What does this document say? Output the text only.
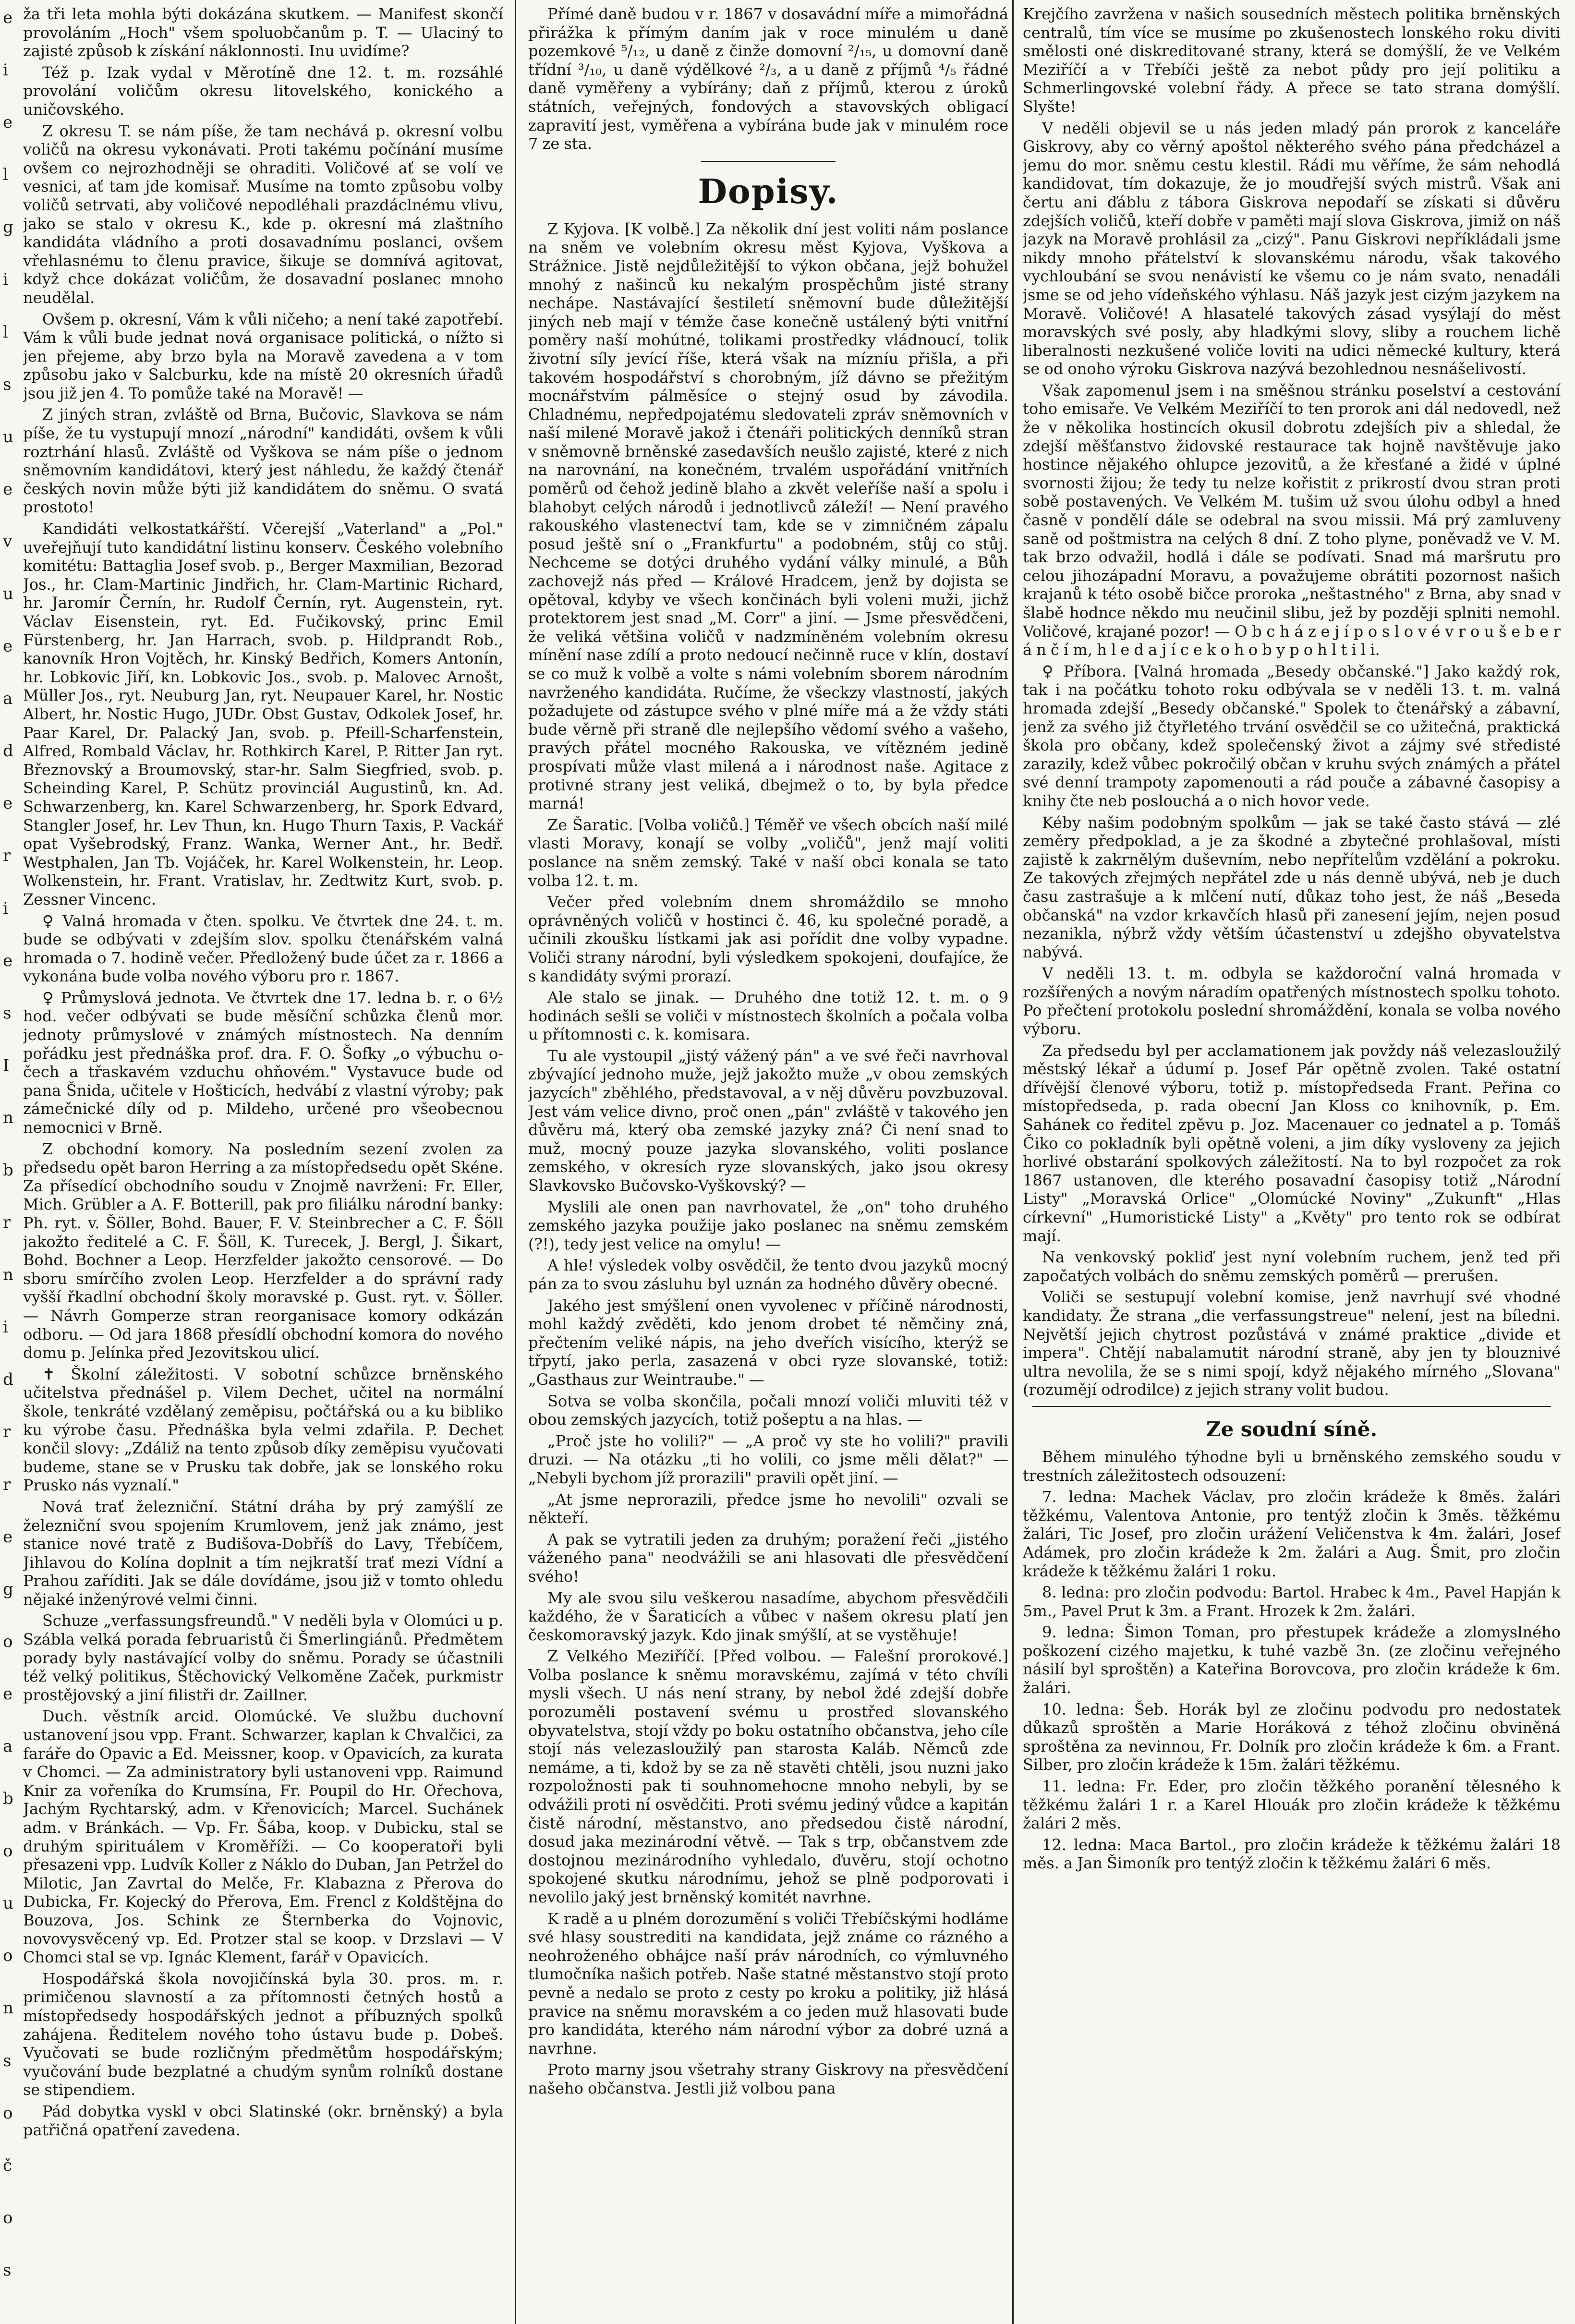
e
i
e
l
g
i
l
s
u
e
v
u
e
a
d
e
r
i
e
s
I
n
b
r
n
i
d
r
r
e
g
o
e
a
b
o
u
o
n
s
o
č
o
s

ža tři leta mohla býti dokázána skutkem. — Manifest skončí provoláním „Hoch" všem spoluobčanům p. T. — Ulaciný to zajisté způsob k získání náklonnosti. Inu uvidíme?

Též p. Izak vydal v Měrotíně dne 12. t. m. rozsáhlé provolání voličům okresu litovelského, konického a uničovského.

Z okresu T. se nám píše, že tam nechává p. okresní volbu voličů na okresu vykonávati. Proti takému počínání musíme ovšem co nejrozhodněji se ohraditi. Voličové ať se volí ve vesnici, ať tam jde komisař. Musíme na tomto způsobu volby voličů setrvati, aby voličové nepodléhali prazdáclnému vlivu, jako se stalo v okresu K., kde p. okresní má zlaštního kandidáta vládního a proti dosavadnímu poslanci, ovšem vřehlasnému to členu pravice, šikuje se domnívá agitovat, když chce dokázat voličům, že dosavadní poslanec mnoho neudělal.

Ovšem p. okresní, Vám k vůli ničeho; a není také zapotřebí. Vám k vůli bude jednat nová organisace politická, o nížto si jen přejeme, aby brzo byla na Moravě zavedena a v tom způsobu jako v Salcburku, kde na místě 20 okresních úřadů jsou již jen 4. To pomůže také na Moravě! —

Z jiných stran, zvláště od Brna, Bučovic, Slavkova se nám píše, že tu vystupují mnozí „národní" kandidáti, ovšem k vůli roztrhání hlasů. Zvláště od Vyškova se nám píše o jednom sněmovním kandidátovi, který jest náhledu, že každý čtenář českých novin může býti již kandidátem do sněmu. O svatá prostoto!

Kandidáti velkostatkářští. Včerejší „Vaterland" a „Pol." uveřejňují tuto kandidátní listinu konserv. Českého volebního komitétu: Battaglia Josef svob. p., Berger Maxmilian, Bezorad Jos., hr. Clam-Martinic Jindřich, hr. Clam-Martinic Richard, hr. Jaromír Černín, hr. Rudolf Černín, ryt. Augenstein, ryt. Václav Eisenstein, ryt. Ed. Fučikovský, princ Emil Fürstenberg, hr. Jan Harrach, svob. p. Hildprandt Rob., kanovník Hron Vojtěch, hr. Kinský Bedřich, Komers Antonín, hr. Lobkovic Jiří, kn. Lobkovic Jos., svob. p. Malovec Arnošt, Müller Jos., ryt. Neuburg Jan, ryt. Neupauer Karel, hr. Nostic Albert, hr. Nostic Hugo, JUDr. Obst Gustav, Odkolek Josef, hr. Paar Karel, Dr. Palacký Jan, svob. p. Pfeill-Scharfenstein, Alfred, Rombald Václav, hr. Rothkirch Karel, P. Ritter Jan ryt. Březnovský a Broumovský, star-hr. Salm Siegfried, svob. p. Scheinding Karel, P. Schütz provinciál Augustinů, kn. Ad. Schwarzenberg, kn. Karel Schwarzenberg, hr. Spork Edvard, Stangler Josef, hr. Lev Thun, kn. Hugo Thurn Taxis, P. Vackář opat Vyšebrodský, Franz. Wanka, Werner Ant., hr. Bedř. Westphalen, Jan Tb. Vojáček, hr. Karel Wolkenstein, hr. Leop. Wolkenstein, hr. Frant. Vratislav, hr. Zedtwitz Kurt, svob. p. Zessner Vincenc.

♀ Valná hromada v čten. spolku. Ve čtvrtek dne 24. t. m. bude se odbývati v zdejším slov. spolku čtenářském valná hromada o 7. hodině večer. Předložený bude účet za r. 1866 a vykonána bude volba nového výboru pro r. 1867.

♀ Průmyslová jednota. Ve čtvrtek dne 17. ledna b. r. o 6½ hod. večer odbývati se bude měsíční schůzka členů mor. jednoty průmyslové v známých místnostech. Na denním pořádku jest přednáška prof. dra. F. O. Šofky „o výbuchu o-čech a třaskavém vzduchu ohňovém." Vystavuce bude od pana Šnida, učitele v Hošticích, hedvábí z vlastní výroby; pak zámečnické díly od p. Mildeho, určené pro všeobecnou nemocnici v Brně.

Z obchodní komory. Na posledním sezení zvolen za předsedu opět baron Herring a za místopředsedu opět Skéne. Za přísedící obchodního soudu v Znojmě navrženi: Fr. Eller, Mich. Grübler a A. F. Botterill, pak pro filiálku národní banky: Ph. ryt. v. Šöller, Bohd. Bauer, F. V. Steinbrecher a C. F. Šöll jakožto ředitelé a C. F. Šöll, K. Turecek, J. Bergl, J. Šikart, Bohd. Bochner a Leop. Herzfelder jakožto censorové. — Do sboru smírčího zvolen Leop. Herzfelder a do správní rady vyšší řkadlní obchodní školy moravské p. Gust. ryt. v. Šöller. — Návrh Gomperze stran reorganisace komory odkázán odboru. — Od jara 1868 přesídlí obchodní komora do nového domu p. Jelínka před Jezovitskou ulicí.

✝ Školní záležitosti. V sobotní schůzce brněnského učitelstva přednášel p. Vilem Dechet, učitel na normální škole, tenkráté vzdělaný zeměpisu, počtářská ou a ku bibliko ku výrobe času. Přednáška byla velmi zdařila. P. Dechet končil slovy: „Zdáliž na tento způsob díky zeměpisu vyučovati budeme, stane se v Prusku tak dobře, jak se lonského roku Prusko nás vyznalí."

Nová trať železniční. Státní dráha by prý zamýšlí ze železniční svou spojením Krumlovem, jenž jak známo, jest stanice nové tratě z Budišova-Dobříš do Lavy, Třebíčem, Jihlavou do Kolína doplnit a tím nejkratší trať mezi Vídní a Prahou zaříditi. Jak se dále dovídáme, jsou již v tomto ohledu nějaké inženýrové velmi činni.

Schuze „verfassungsfreundů." V neděli byla v Olomúci u p. Szábla velká porada februaristů či Šmerlingiánů. Předmětem porady byly nastávající volby do sněmu. Porady se účastnili též velký politikus, Štěchovický Velkoměne Začek, purkmistr prostějovský a jiní filistři dr. Zaillner.

Duch. věstník arcid. Olomúcké. Ve službu duchovní ustanovení jsou vpp. Frant. Schwarzer, kaplan k Chvalčici, za faráře do Opavic a Ed. Meissner, koop. v Opavicích, za kurata v Chomci. — Za administratory byli ustanoveni vpp. Raimund Knir za vořeníka do Krumsína, Fr. Poupil do Hr. Ořechova, Jachým Rychtarský, adm. v Křenovicích; Marcel. Suchánek adm. v Bránkách. — Vp. Fr. Šába, koop. v Dubicku, stal se druhým spirituálem v Kroměříži. — Co kooperatoři byli přesazeni vpp. Ludvík Koller z Náklo do Duban, Jan Petržel do Milotic, Jan Zavrtal do Melče, Fr. Klabazna z Přerova do Dubicka, Fr. Kojecký do Přerova, Em. Frencl z Koldštějna do Bouzova, Jos. Schink ze Šternberka do Vojnovic, novovysvěcený vp. Ed. Protzer stal se koop. v Drzslavi — V Chomci stal se vp. Ignác Klement, farář v Opavicích.

Hospodářská škola novojičínská byla 30. pros. m. r. primičenou slavností a za přítomnosti četných hostů a místopředsedy hospodářských jednot a příbuzných spolků zahájena. Ředitelem nového toho ústavu bude p. Dobeš. Vyučovati se bude rozličným předmětům hospodářským; vyučování bude bezplatné a chudým synům rolníků dostane se stipendiem.

Pád dobytka vyskl v obci Slatinské (okr. brněnský) a byla patřičná opatření zavedena.

Přímé daně budou v r. 1867 v dosavádní míře a mimořádná přirážka k přímým daním jak v roce minulém u daně pozemkové ⁵/₁₂, u daně z činže domovní ²/₁₅, u domovní daně třídní ³/₁₀, u daně výdělkové ²/₃, a u daně z příjmů ⁴/₅ řádné daně vyměřeny a vybírány; daň z příjmů, kterou z úroků státních, veřejných, fondových a stavovských obligací zapravití jest, vyměřena a vybírána bude jak v minulém roce 7 ze sta.

Dopisy.

Z Kyjova. [K volbě.] Za několik dní jest voliti nám poslance na sněm ve volebním okresu měst Kyjova, Vyškova a Strážnice. Jistě nejdůležitější to výkon občana, jejž bohužel mnohý z našinců ku nekalým prospěchům jisté strany nechápe. Nastávající šestiletí sněmovní bude důležitější jiných neb mají v témže čase konečně ustálený býti vnitřní poměry naší mohútné, tolikami prostředky vládnoucí, tolik životní síly jevící říše, která však na mízníu přišla, a při takovém hospodářství s chorobným, jíž dávno se přežitým mocnářstvím pálměsíce o stejný osud by závodila. Chladnému, nepředpojatému sledovateli zpráv sněmovních v naší milené Moravě jakož i čtenáři politických denníků stran v sněmovně brněnské zasedavších neušlo zajisté, které z nich na narovnání, na konečném, trvalém uspořádání vnitřních poměrů od čehož jedině blaho a zkvět veleříše naší a spolu i blahobyt celých národů i jednotlivců záleží! — Není pravého rakouského vlastenectví tam, kde se v zimničném zápalu posud ještě sní o „Frankfurtu" a podobném, stůj co stůj. Nechceme se dotýci druhého vydání války minulé, a Bůh zachovejž nás před — Králové Hradcem, jenž by dojista se opětoval, kdyby ve všech končinách byli voleni muži, jichž protektorem jest snad „M. Corr" a jiní. — Jsme přesvědčeni, že veliká většina voličů v nadzmíněném volebním okresu mínění nase zdílí a proto nedoucí nečinně ruce v klín, dostaví se co muž k volbě a volte s námi volebním sborem národním navrženého kandidáta. Ručíme, že všeckzy vlastností, jakých požadujete od zástupce svého v plné míře má a že vždy státi bude věrně při straně dle nejlepšího vědomí svého a vašeho, pravých přátel mocného Rakouska, ve vítězném jedině prospívati může vlast milená a i národnost naše. Agitace z protivné strany jest veliká, dbejmež o to, by byla předce marná!

Ze Šaratic. [Volba voličů.] Téměř ve všech obcích naší milé vlasti Moravy, konají se volby „voličů", jenž mají voliti poslance na sněm zemský. Také v naší obci konala se tato volba 12. t. m.

Večer před volebním dnem shromáždilo se mnoho oprávněných voličů v hostinci č. 46, ku společné poradě, a učinili zkoušku lístkami jak asi pořídit dne volby vypadne. Voliči strany národní, byli výsledkem spokojeni, doufajíce, že s kandidáty svými prorazí.

Ale stalo se jinak. — Druhého dne totiž 12. t. m. o 9 hodinách sešli se voliči v místnostech školních a počala volba u přítomnosti c. k. komisara.

Tu ale vystoupil „jistý vážený pán" a ve své řeči navrhoval zbývající jednoho muže, jejž jakožto muže „v obou zemských jazycích" zběhlého, představoval, a v něj důvěru povzbuzoval. Jest vám velice divno, proč onen „pán" zvláště v takového jen důvěru má, který oba zemské jazyky zná? Či není snad to muž, mocný pouze jazyka slovanského, voliti poslance zemského, v okresích ryze slovanských, jako jsou okresy Slavkovsko Bučovsko-Vyškovský? —

Myslili ale onen pan navrhovatel, že „on" toho druhého zemského jazyka použije jako poslanec na sněmu zemském (?!), tedy jest velice na omylu! —

A hle! výsledek volby osvědčil, že tento dvou jazyků mocný pán za to svou zásluhu byl uznán za hodného důvěry obecné.

Jakého jest smýšlení onen vyvolenec v příčině národnosti, mohl každý zvěděti, kdo jenom drobet té němčiny zná, přečtením veliké nápis, na jeho dveřích visícího, kterýž se třpytí, jako perla, zasazená v obci ryze slovanské, totiž: „Gasthaus zur Weintraube." —

Sotva se volba skončila, počali mnozí voliči mluviti též v obou zemských jazycích, totiž pošeptu a na hlas. —

„Proč jste ho volili?" — „A proč vy ste ho volili?" pravili druzi. — Na otázku „ti ho volili, co jsme měli dělat?" — „Nebyli bychom jíž prorazili" pravili opět jiní. —

„At jsme neprorazili, předce jsme ho nevolili" ozvali se někteří.

A pak se vytratili jeden za druhým; poražení řeči „jistého váženého pana" neodvážili se ani hlasovati dle přesvědčení svého!

My ale svou silu veškerou nasadíme, abychom přesvědčili každého, že v Šaraticích a vůbec v našem okresu platí jen českomoravský jazyk. Kdo jinak smýšlí, at se vystěhuje!

Z Velkého Meziříčí. [Před volbou. — Falešní prorokové.] Volba poslance k sněmu moravskému, zajímá v této chvíli mysli všech. U nás není strany, by nebol ždé zdejší dobře porozuměli postavení svému u prostřed slovanského obyvatelstva, stojí vždy po boku ostatního občanstva, jeho cíle stojí nás velezasloužilý pan starosta Kaláb. Němců zde nemáme, a ti, kdož by se za ně stavěti chtěli, jsou nuzni jako rozpoložnosti pak ti souhnomehocne mnoho nebyli, by se odvážili proti ní osvědčiti. Proti svému jediný vůdce a kapitán čistě národní, městanstvo, ano předsedou čistě národní, dosud jaka mezinárodní větvě. — Tak s trp, občanstvem zde dostojnou mezinárodního vyhledalo, ďuvěru, stojí ochotno spokojené skutku národnímu, jehož se plně podporovati i nevolilo jaký jest brněnský komitét navrhne.

K radě a u plném dorozumění s voliči Třebíčskými hodláme své hlasy soustrediti na kandidata, jejž známe co rázného a neohroženého obhájce naší práv národních, co výmluvného tlumočníka našich potřeb. Naše statné městanstvo stojí proto pevně a nedalo se proto z cesty po kroku a politiky, již hlásá pravice na sněmu moravském a co jeden muž hlasovati bude pro kandidáta, kterého nám národní výbor za dobré uzná a navrhne.

Proto marny jsou všetrahy strany Giskrovy na přesvědčení našeho občanstva. Jestli již volbou pana

Krejčího zavržena v našich sousedních městech politika brněnských centralů, tím více se musíme po zkušenostech lonského roku diviti smělosti oné diskreditované strany, která se domýšlí, že ve Velkém Meziříčí a v Třebíči ještě za nebot půdy pro její politiku a Schmerlingovské volební řády. A přece se tato strana domýšlí. Slyšte!

V neděli objevil se u nás jeden mladý pán prorok z kanceláře Giskrovy, aby co věrný apoštol některého svého pána předcházel a jemu do mor. sněmu cestu klestil. Rádi mu věříme, že sám nehodlá kandidovat, tím dokazuje, že jo moudřejší svých mistrů. Však ani čertu ani ďáblu z tábora Giskrova nepodaří se získati si důvěru zdejších voličů, kteří dobře v paměti mají slova Giskrova, jimiž on náš jazyk na Moravě prohlásil za „cizý". Panu Giskrovi nepříkládali jsme nikdy mnoho přátelství k slovanskému národu, však takového vychloubání se svou nenávistí ke všemu co je nám svato, nenadáli jsme se od jeho vídeňského výhlasu. Náš jazyk jest cizým jazykem na Moravě. Voličové! A hlasatelé takových zásad vysýlají do měst moravských své posly, aby hladkými slovy, sliby a rouchem lichě liberalnosti nezkušené voliče loviti na udici německé kultury, která se od onoho výroku Giskrova nazývá bezohlednou nesnášelivostí.

Však zapomenul jsem i na směšnou stránku poselství a cestování toho emisaře. Ve Velkém Meziříčí to ten prorok ani dál nedovedl, než že v několika hostincích okusil dobrotu zdejších piv a shledal, že zdejší měšťanstvo židovské restaurace tak hojně navštěvuje jako hostince nějakého ohlupce jezovitů, a že křesťané a židé v úplné svornosti žijou; že tedy tu nelze kořistit z prikrostí dvou stran proti sobě postavených. Ve Velkém M. tušim už svou úlohu odbyl a hned časně v pondělí dále se odebral na svou missii. Má prý zamluveny saně od poštmistra na celých 8 dní. Z toho plyne, poněvadž ve V. M. tak brzo odvažil, hodlá i dále se podívati. Snad má maršrutu pro celou jihozápadní Moravu, a považujeme obrátiti pozornost našich krajanů k této osobě bičce proroka „neštastného" z Brna, aby snad v šlabě hodnce někdo mu neučinil slibu, jež by později splniti nemohl. Voličové, krajané pozor! — O b c h á z e j í p o s l o v é v r o u š e b e r á n č í m, h l e d a j í c e k o h o b y p o h l t i l i.

♀ Příbora. [Valná hromada „Besedy občanské."] Jako každý rok, tak i na počátku tohoto roku odbývala se v neděli 13. t. m. valná hromada zdejší „Besedy občanské." Spolek to čtenářský a zábavní, jenž za svého již čtyřletého trvání osvědčil se co užitečná, praktická škola pro občany, kdež společenský život a zájmy své středisté zarazily, kdež vůbec pokročilý občan v kruhu svých známých a přátel své denní trampoty zapomenouti a rád pouče a zábavné časopisy a knihy čte neb poslouchá a o nich hovor vede.

Kéby našim podobným spolkům — jak se také často stává — zlé zeměry předpoklad, a je za škodné a zbytečné prohlašoval, místi zajistě k zakrnělým duševním, nebo nepřítelům vzdělání a pokroku. Ze takových zřejmých nepřátel zde u nás denně ubývá, neb je duch času zastrašuje a k mlčení nutí, důkaz toho jest, že náš „Beseda občanská" na vzdor krkavčích hlasů při zanesení jejím, nejen posud nezanikla, nýbrž vždy větším účastenství u zdejšho obyvatelstva nabývá.

V neděli 13. t. m. odbyla se každoroční valná hromada v rozšířených a novým náradím opatřených místnostech spolku tohoto. Po přečtení protokolu poslední shromáždění, konala se volba nového výboru.

Za předsedu byl per acclamationem jak povždy náš velezasloužilý městský lékař a údumí p. Josef Pár opětně zvolen. Také ostatní dřívější členové výboru, totiž p. místopředseda Frant. Peřina co místopředseda, p. rada obecní Jan Kloss co knihovník, p. Em. Sahánek co ředitel zpěvu p. Joz. Macenauer co jednatel a p. Tomáš Čiko co pokladník byli opětně voleni, a jim díky vysloveny za jejich horlivé obstarání spolkových záležitostí. Na to byl rozpočet za rok 1867 ustanoven, dle kterého posavadní časopisy totiž „Národní Listy" „Moravská Orlice" „Olomúcké Noviny" „Zukunft" „Hlas církevní" „Humoristické Listy" a „Květy" pro tento rok se odbírat mají.

Na venkovský pokliď jest nyní volebním ruchem, jenž ted při započatých volbách do sněmu zemských poměrů — prerušen.

Voliči se sestupují volební komise, jenž navrhují své vhodné kandidaty. Že strana „die verfassungstreue" nelení, jest na bíledni. Největší jejich chytrost pozůstává v známé praktice „divide et impera". Chtějí nabalamutit národní straně, aby jen ty blouznivé ultra nevolila, že se s nimi spojí, když nějakého mírného „Slovana" (rozumějí odrodilce) z jejich strany volit budou.

Ze soudní síně.

Během minulého týhodne byli u brněnského zemského soudu v trestních záležitostech odsouzení:

7. ledna: Machek Václav, pro zločin krádeže k 8měs. žalári těžkému, Valentova Antonie, pro tentýž zločin k 3měs. těžkému žalári, Tic Josef, pro zločin urážení Veličenstva k 4m. žalári, Josef Adámek, pro zločin krádeže k 2m. žalári a Aug. Šmit, pro zločin krádeže k těžkému žalári 1 roku.

8. ledna: pro zločin podvodu: Bartol. Hrabec k 4m., Pavel Hapján k 5m., Pavel Prut k 3m. a Frant. Hrozek k 2m. žalári.

9. ledna: Šimon Toman, pro přestupek krádeže a zlomyslného poškození cizého majetku, k tuhé vazbě 3n. (ze zločinu veřejného násilí byl sproštěn) a Kateřina Borovcova, pro zločin krádeže k 6m. žalári.

10. ledna: Šeb. Horák byl ze zločinu podvodu pro nedostatek důkazů sproštěn a Marie Horáková z téhož zločinu obviněná sproštěna za nevinnou, Fr. Dolník pro zločin krádeže k 6m. a Frant. Silber, pro zločin krádeže k 15m. žalári těžkému.

11. ledna: Fr. Eder, pro zločin těžkého poranění tělesného k těžkému žalári 1 r. a Karel Hlouák pro zločin krádeže k těžkému žalári 2 měs.

12. ledna: Maca Bartol., pro zločin krádeže k těžkému žalári 18 měs. a Jan Šimoník pro tentýž zločin k těžkému žalári 6 měs.
